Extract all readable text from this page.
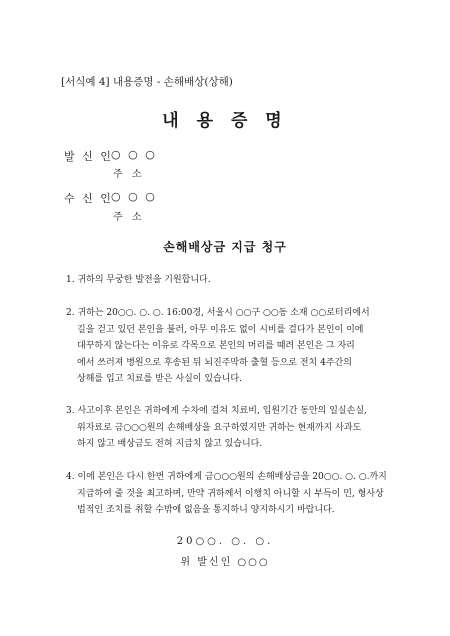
[서식예 4] 내용증명 - 손해배상(상해)
내 용 증 명
발 신 인
○ ○ ○
주 소
수 신 인
○ ○ ○
주 소
손해배상금 지급 청구
1. 귀하의 무궁한 발전을 기원합니다.
2. 귀하는 20○○. ○. ○. 16:00경, 서울시 ○○구 ○○동 소재 ○○로터리에서
길을 걷고 있던 본인을 불러, 아무 이유도 없이 시비를 걸다가 본인이 이에
대꾸하지 않는다는 이유로 각목으로 본인의 머리를 때려 본인은 그 자리
에서 쓰러져 병원으로 후송된 뒤 뇌진주막하 출혈 등으로 전치 4주간의
상해를 입고 치료를 받은 사실이 있습니다.
3. 사고이후 본인은 귀하에게 수차에 걸쳐 치료비, 입원기간 동안의 일실손실,
위자료로 금○○○원의 손해배상을 요구하였지만 귀하는 현재까지 사과도
하지 않고 배상금도 전혀 지급치 않고 있습니다.
4. 이에 본인은 다시 한번 귀하에게 금○○○원의 손해배상금을 20○○. ○. ○.까지
지급하여 줄 것을 최고하며, 만약 귀하께서 이행치 아니할 시 부득이 민, 형사상
법적인 조치를 취할 수밖에 없음을 통지하니 양지하시기 바랍니다.
20○○. ○. ○.
위 발신인 ○○○
